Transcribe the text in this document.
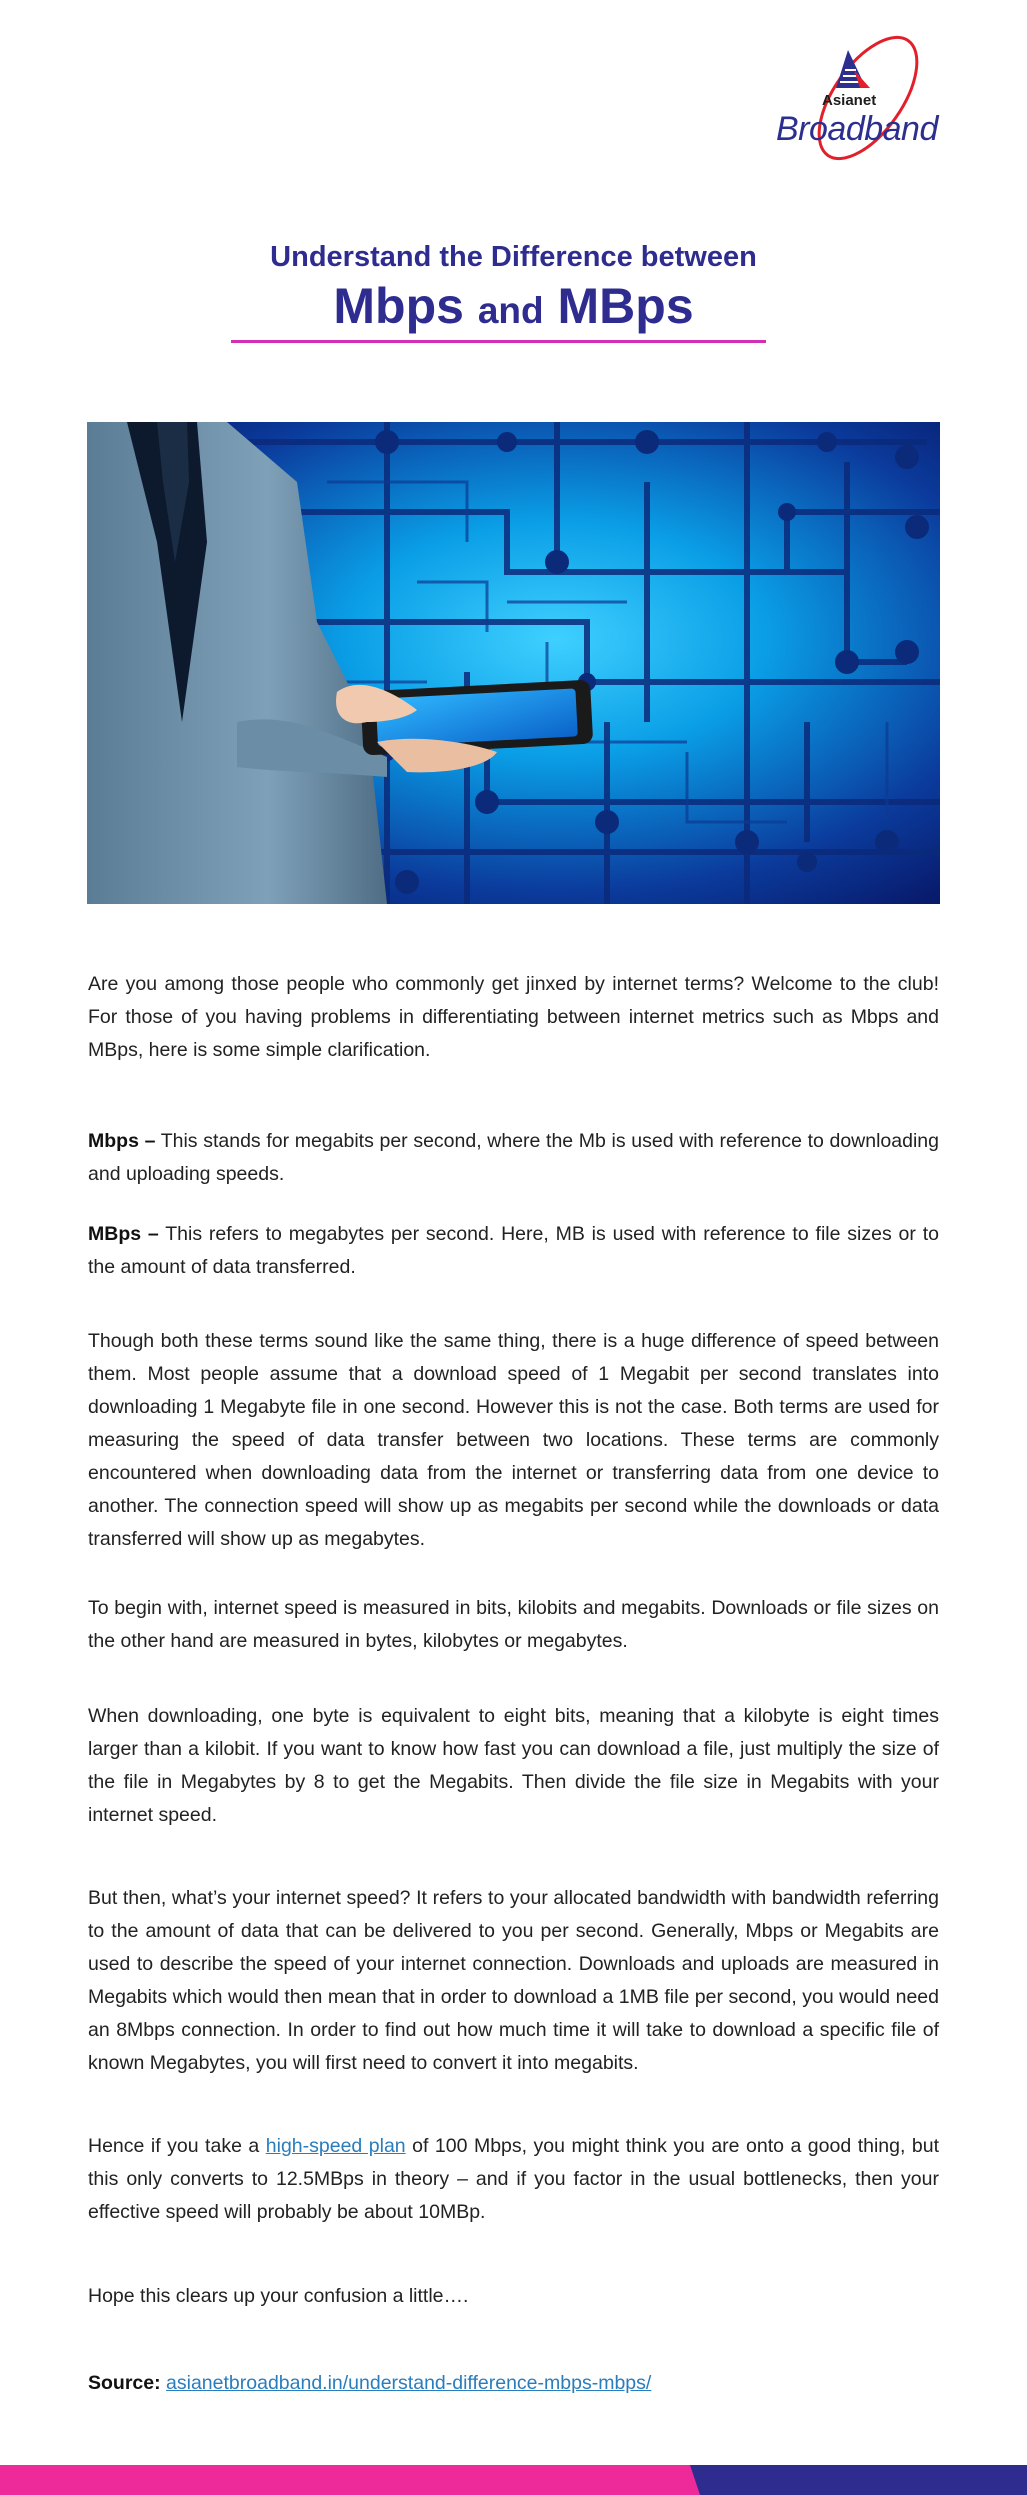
Asianet
Broadband
Understand the Difference between
Mbps and MBps

Are you among those people who commonly get jinxed by internet terms? Welcome to the club! For those of you having problems in differentiating between internet metrics such as Mbps and MBps, here is some simple clarification.

Mbps – This stands for megabits per second, where the Mb is used with reference to downloading and uploading speeds.

MBps – This refers to megabytes per second. Here, MB is used with reference to file sizes or to the amount of data transferred.

Though both these terms sound like the same thing, there is a huge difference of speed between them. Most people assume that a download speed of 1 Megabit per second translates into downloading 1 Megabyte file in one second. However this is not the case. Both terms are used for measuring the speed of data transfer between two locations. These terms are commonly encountered when downloading data from the internet or transferring data from one device to another. The connection speed will show up as megabits per second while the downloads or data transferred will show up as megabytes.

To begin with, internet speed is measured in bits, kilobits and megabits. Downloads or file sizes on the other hand are measured in bytes, kilobytes or megabytes.

When downloading, one byte is equivalent to eight bits, meaning that a kilobyte is eight times larger than a kilobit. If you want to know how fast you can download a file, just multiply the size of the file in Megabytes by 8 to get the Megabits. Then divide the file size in Megabits with your internet speed.

But then, what’s your internet speed? It refers to your allocated bandwidth with bandwidth referring to the amount of data that can be delivered to you per second. Generally, Mbps or Megabits are used to describe the speed of your internet connection. Downloads and uploads are measured in Megabits which would then mean that in order to download a 1MB file per second, you would need an 8Mbps connection. In order to find out how much time it will take to download a specific file of known Megabytes, you will first need to convert it into megabits.

Hence if you take a high-speed plan of 100 Mbps, you might think you are onto a good thing, but this only converts to 12.5MBps in theory – and if you factor in the usual bottlenecks, then your effective speed will probably be about 10MBp.

Hope this clears up your confusion a little….

Source: asianetbroadband.in/understand-difference-mbps-mbps/
